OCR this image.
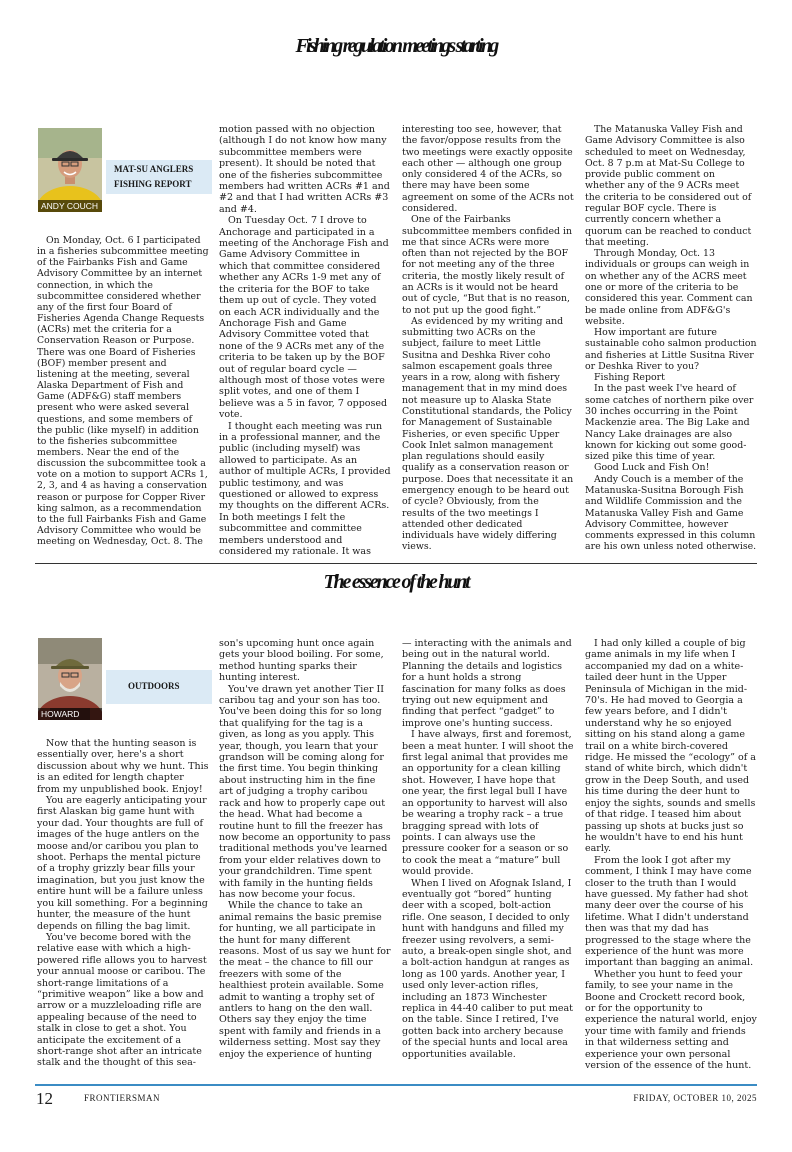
Fishing regulation meetings starting
ANDY COUCH
MAT-SU ANGLERS
FISHING REPORT

On Monday, Oct. 6 I participated in a fisheries subcommittee meeting of the Fairbanks Fish and Game Advisory Committee by an internet connection, in which the subcommittee considered whether any of the first four Board of Fisheries Agenda Change Requests (ACRs) met the criteria for a Conservation Reason or Purpose. There was one Board of Fisheries (BOF) member present and listening at the meeting, several Alaska Department of Fish and Game (ADF&G) staff members present who were asked several questions, and some members of the public (like myself) in addition to the fisheries subcommittee members. Near the end of the discussion the subcommittee took a vote on a motion to support ACRs 1, 2, 3, and 4 as having a conservation reason or purpose for Copper River king salmon, as a recommendation to the full Fairbanks Fish and Game Advisory Committee who would be meeting on Wednesday, Oct. 8. The

motion passed with no objection (although I do not know how many subcommittee members were present). It should be noted that one of the fisheries subcommittee members had written ACRs #1 and #2 and that I had written ACRs #3 and #4.

On Tuesday Oct. 7 I drove to Anchorage and participated in a meeting of the Anchorage Fish and Game Advisory Committee in which that committee considered whether any ACRs 1-9 met any of the criteria for the BOF to take them up out of cycle. They voted on each ACR individually and the Anchorage Fish and Game Advisory Committee voted that none of the 9 ACRs met any of the criteria to be taken up by the BOF out of regular board cycle — although most of those votes were split votes, and one of them I believe was a 5 in favor, 7 opposed vote.

I thought each meeting was run in a professional manner, and the public (including myself) was allowed to participate. As an author of multiple ACRs, I provided public testimony, and was questioned or allowed to express my thoughts on the different ACRs. In both meetings I felt the subcommittee and committee members understood and considered my rationale. It was

interesting too see, however, that the favor/oppose results from the two meetings were exactly opposite each other — although one group only considered 4 of the ACRs, so there may have been some agreement on some of the ACRs not considered.

One of the Fairbanks subcommittee members confided in me that since ACRs were more often than not rejected by the BOF for not meeting any of the three criteria, the mostly likely result of an ACRs is it would not be heard out of cycle, “But that is no reason, to not put up the good fight.”

As evidenced by my writing and submitting two ACRs on the subject, failure to meet Little Susitna and Deshka River coho salmon escapement goals three years in a row, along with fishery management that in my mind does not measure up to Alaska State Constitutional standards, the Policy for Management of Sustainable Fisheries, or even specific Upper Cook Inlet salmon management plan regulations should easily qualify as a conservation reason or purpose. Does that necessitate it an emergency enough to be heard out of cycle? Obviously, from the results of the two meetings I attended other dedicated individuals have widely differing views.

The Matanuska Valley Fish and Game Advisory Committee is also scheduled to meet on Wednesday, Oct. 8 7 p.m at Mat-Su College to provide public comment on whether any of the 9 ACRs meet the criteria to be considered out of regular BOF cycle. There is currently concern whether a quorum can be reached to conduct that meeting.

Through Monday, Oct. 13 individuals or groups can weigh in on whether any of the ACRS meet one or more of the criteria to be considered this year. Comment can be made online from ADF&G's website.

How important are future sustainable coho salmon production and fisheries at Little Susitna River or Deshka River to you?

Fishing Report

In the past week I've heard of some catches of northern pike over 30 inches occurring in the Point Mackenzie area. The Big Lake and Nancy Lake drainages are also known for kicking out some good-sized pike this time of year.

Good Luck and Fish On!

Andy Couch is a member of the Matanuska-Susitna Borough Fish and Wildlife Commission and the Matanuska Valley Fish and Game Advisory Committee, however comments expressed in this column are his own unless noted otherwise.

The essence of the hunt
HOWARD DELO
OUTDOORS

Now that the hunting season is essentially over, here's a short discussion about why we hunt. This is an edited for length chapter from my unpublished book. Enjoy!

You are eagerly anticipating your first Alaskan big game hunt with your dad. Your thoughts are full of images of the huge antlers on the moose and/or caribou you plan to shoot. Perhaps the mental picture of a trophy grizzly bear fills your imagination, but you just know the entire hunt will be a failure unless you kill something. For a beginning hunter, the measure of the hunt depends on filling the bag limit.

You've become bored with the relative ease with which a high-powered rifle allows you to harvest your annual moose or caribou. The short-range limitations of a “primitive weapon” like a bow and arrow or a muzzleloading rifle are appealing because of the need to stalk in close to get a shot. You anticipate the excitement of a short-range shot after an intricate stalk and the thought of this sea-

son's upcoming hunt once again gets your blood boiling. For some, method hunting sparks their hunting interest.

You've drawn yet another Tier II caribou tag and your son has too. You've been doing this for so long that qualifying for the tag is a given, as long as you apply. This year, though, you learn that your grandson will be coming along for the first time. You begin thinking about instructing him in the fine art of judging a trophy caribou rack and how to properly cape out the head. What had become a routine hunt to fill the freezer has now become an opportunity to pass traditional methods you've learned from your elder relatives down to your grandchildren. Time spent with family in the hunting fields has now become your focus.

While the chance to take an animal remains the basic premise for hunting, we all participate in the hunt for many different reasons. Most of us say we hunt for the meat – the chance to fill our freezers with some of the healthiest protein available. Some admit to wanting a trophy set of antlers to hang on the den wall. Others say they enjoy the time spent with family and friends in a wilderness setting. Most say they enjoy the experience of hunting

— interacting with the animals and being out in the natural world. Planning the details and logistics for a hunt holds a strong fascination for many folks as does trying out new equipment and finding that perfect “gadget” to improve one's hunting success.

I have always, first and foremost, been a meat hunter. I will shoot the first legal animal that provides me an opportunity for a clean killing shot. However, I have hope that one year, the first legal bull I have an opportunity to harvest will also be wearing a trophy rack – a true bragging spread with lots of points. I can always use the pressure cooker for a season or so to cook the meat a “mature” bull would provide.

When I lived on Afognak Island, I eventually got “bored” hunting deer with a scoped, bolt-action rifle. One season, I decided to only hunt with handguns and filled my freezer using revolvers, a semi-auto, a break-open single shot, and a bolt-action handgun at ranges as long as 100 yards. Another year, I used only lever-action rifles, including an 1873 Winchester replica in 44-40 caliber to put meat on the table. Since I retired, I've gotten back into archery because of the special hunts and local area opportunities available.

I had only killed a couple of big game animals in my life when I accompanied my dad on a white-tailed deer hunt in the Upper Peninsula of Michigan in the mid-70's. He had moved to Georgia a few years before, and I didn't understand why he so enjoyed sitting on his stand along a game trail on a white birch-covered ridge. He missed the “ecology” of a stand of white birch, which didn't grow in the Deep South, and used his time during the deer hunt to enjoy the sights, sounds and smells of that ridge. I teased him about passing up shots at bucks just so he wouldn't have to end his hunt early.

From the look I got after my comment, I think I may have come closer to the truth than I would have guessed. My father had shot many deer over the course of his lifetime. What I didn't understand then was that my dad has progressed to the stage where the experience of the hunt was more important than bagging an animal.

Whether you hunt to feed your family, to see your name in the Boone and Crockett record book, or for the opportunity to experience the natural world, enjoy your time with family and friends in that wilderness setting and experience your own personal version of the essence of the hunt.

12	FRONTIERSMAN	FRIDAY, OCTOBER 10, 2025
